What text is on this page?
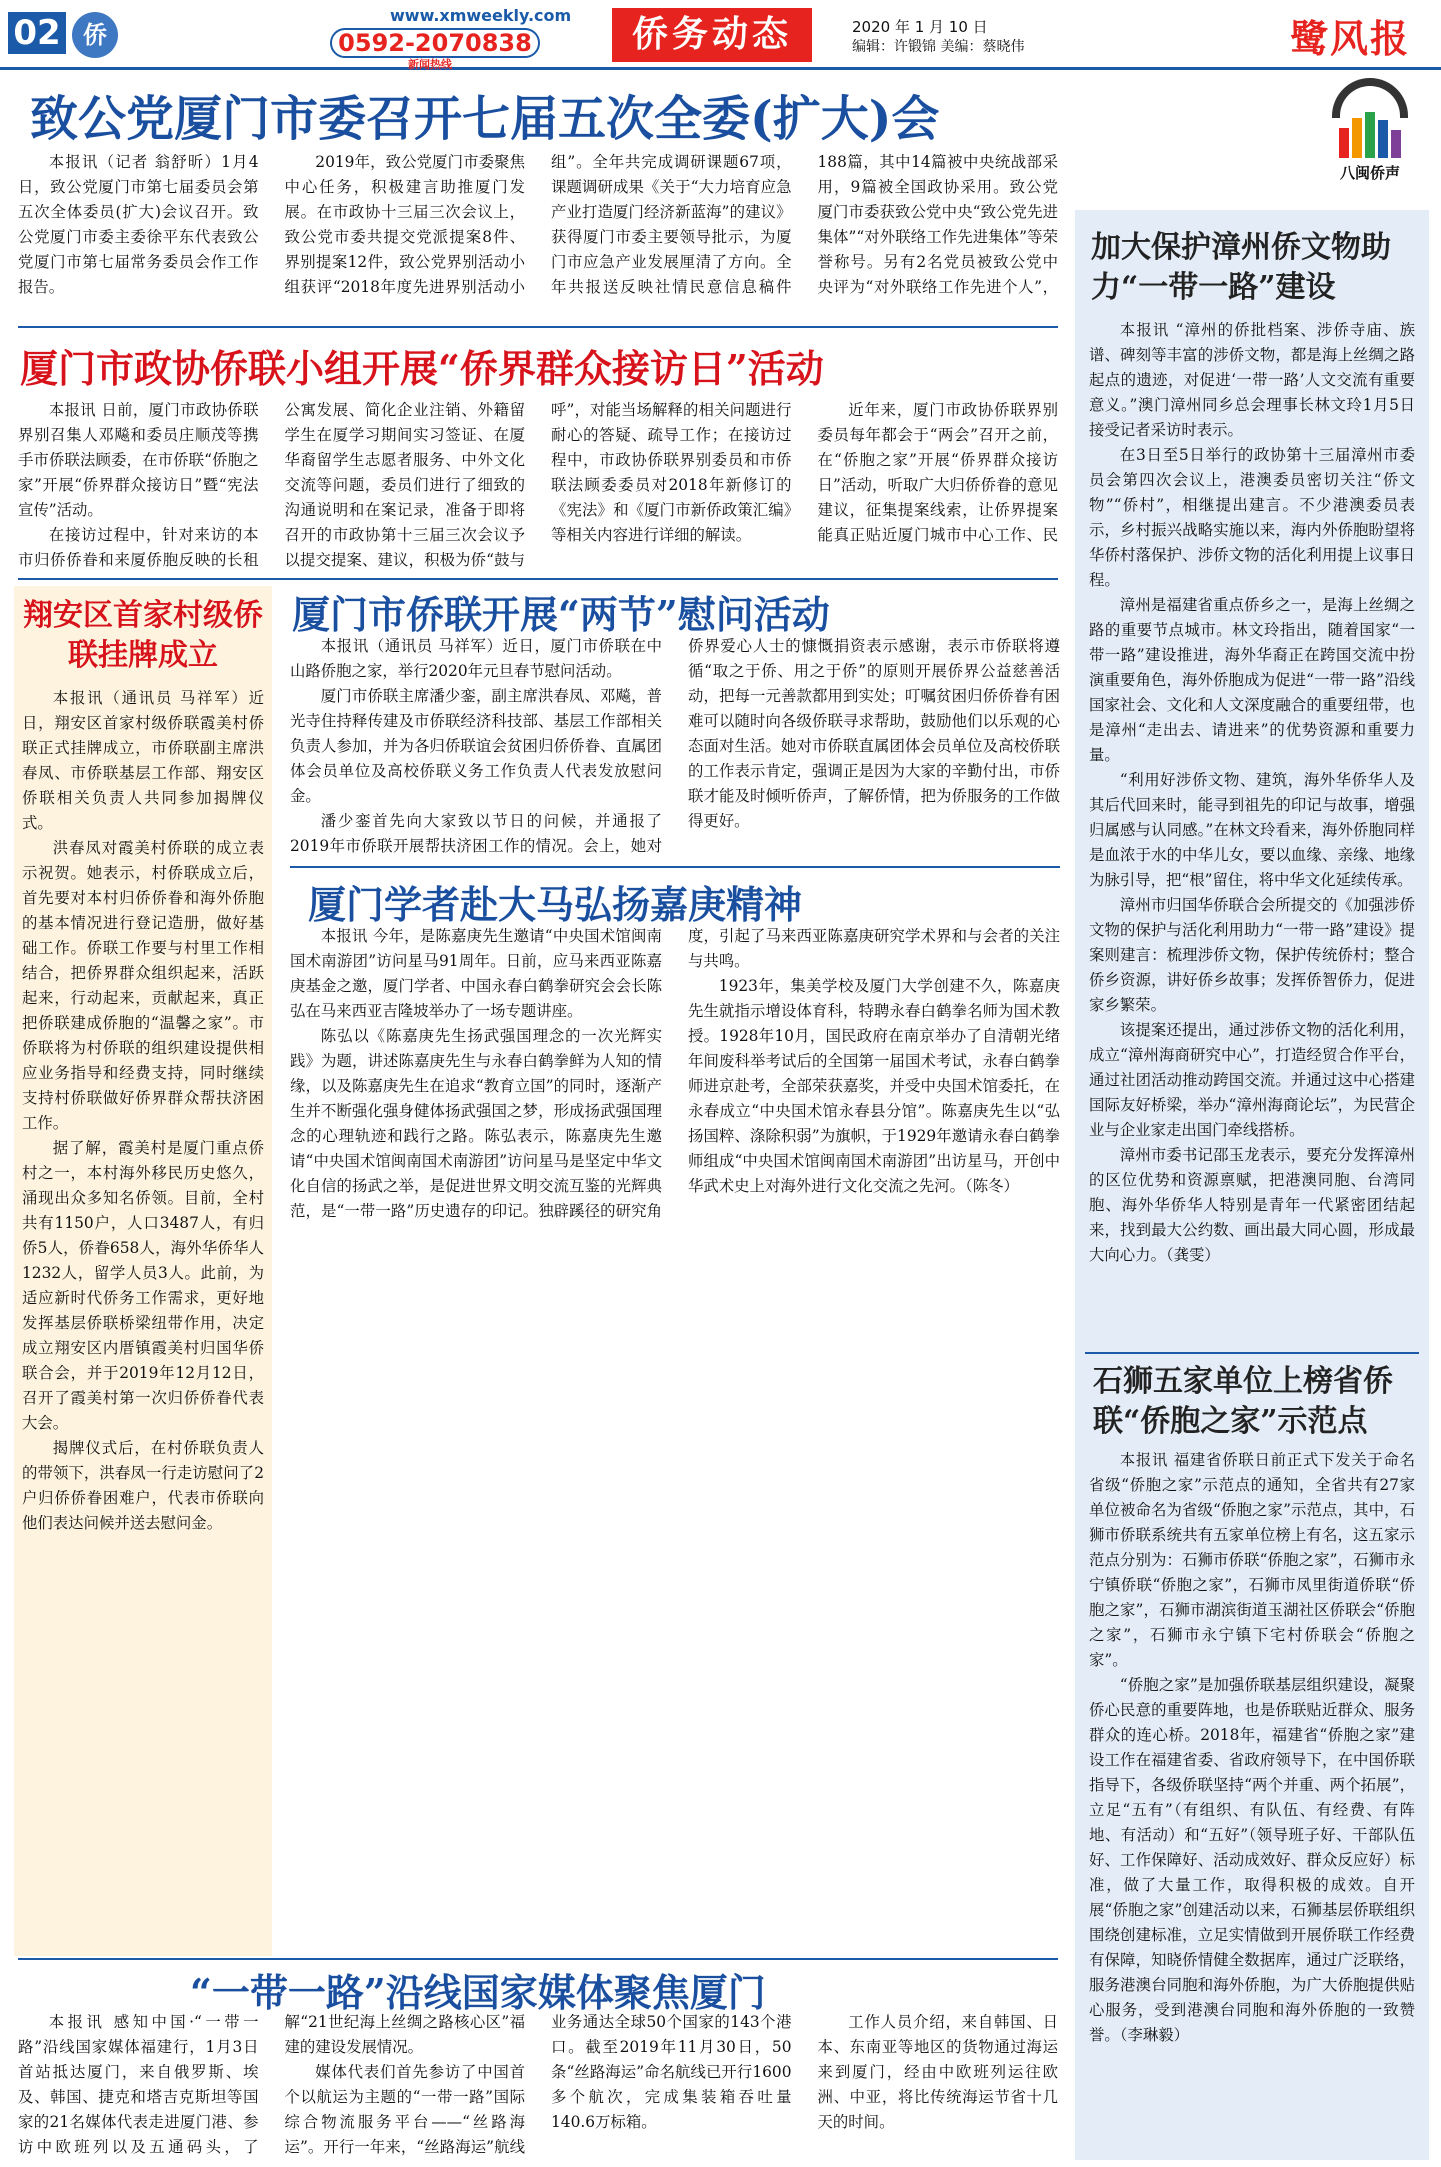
02 侨
www.xmweekly.com
0592-2070838
新闻热线
侨务动态	2020 年 1 月 10 日
编辑：许锻锦 美编：蔡晓伟	鹭风报
八闽侨声
致公党厦门市委召开七届五次全委(扩大)会

本报讯（记者 翁舒昕）1月4日，致公党厦门市第七届委员会第五次全体委员(扩大)会议召开。致公党厦门市委主委徐平东代表致公党厦门市第七届常务委员会作工作报告。

2019年，致公党厦门市委聚焦中心任务，积极建言助推厦门发展。在市政协十三届三次会议上，致公党市委共提交党派提案8件、界别提案12件，致公党界别活动小组获评“2018年度先进界别活动小组”。全年共完成调研课题67项，课题调研成果《关于“大力培育应急产业打造厦门经济新蓝海”的建议》获得厦门市委主要领导批示，为厦门市应急产业发展厘清了方向。全年共报送反映社情民意信息稿件188篇，其中14篇被中央统战部采用，9篇被全国政协采用。致公党厦门市委获致公党中央“致公党先进集体”“对外联络工作先进集体”等荣誉称号。另有2名党员被致公党中央评为“对外联络工作先进个人”，

厦门市政协侨联小组开展“侨界群众接访日”活动

本报讯 日前，厦门市政协侨联界别召集人邓飚和委员庄顺茂等携手市侨联法顾委，在市侨联“侨胞之家”开展“侨界群众接访日”暨“宪法宣传”活动。

在接访过程中，针对来访的本市归侨侨眷和来厦侨胞反映的长租公寓发展、简化企业注销、外籍留学生在厦学习期间实习签证、在厦华裔留学生志愿者服务、中外文化交流等问题，委员们进行了细致的沟通说明和在案记录，准备于即将召开的市政协第十三届三次会议予以提交提案、建议，积极为侨“鼓与呼”，对能当场解释的相关问题进行耐心的答疑、疏导工作；在接访过程中，市政协侨联界别委员和市侨联法顾委委员对2018年新修订的《宪法》和《厦门市新侨政策汇编》等相关内容进行详细的解读。

近年来，厦门市政协侨联界别委员每年都会于“两会”召开之前，在“侨胞之家”开展“侨界群众接访日”活动，听取广大归侨侨眷的意见建议，征集提案线索，让侨界提案能真正贴近厦门城市中心工作、民

翔安区首家村级侨联挂牌成立

本报讯（通讯员 马祥军）近日，翔安区首家村级侨联霞美村侨联正式挂牌成立，市侨联副主席洪春凤、市侨联基层工作部、翔安区侨联相关负责人共同参加揭牌仪式。

洪春凤对霞美村侨联的成立表示祝贺。她表示，村侨联成立后，首先要对本村归侨侨眷和海外侨胞的基本情况进行登记造册，做好基础工作。侨联工作要与村里工作相结合，把侨界群众组织起来，活跃起来，行动起来，贡献起来，真正把侨联建成侨胞的“温馨之家”。市侨联将为村侨联的组织建设提供相应业务指导和经费支持，同时继续支持村侨联做好侨界群众帮扶济困工作。

据了解，霞美村是厦门重点侨村之一，本村海外移民历史悠久，涌现出众多知名侨领。目前，全村共有1150户，人口3487人，有归侨5人，侨眷658人，海外华侨华人1232人，留学人员3人。此前，为适应新时代侨务工作需求，更好地发挥基层侨联桥梁纽带作用，决定成立翔安区内厝镇霞美村归国华侨联合会，并于2019年12月12日，召开了霞美村第一次归侨侨眷代表大会。

揭牌仪式后，在村侨联负责人的带领下，洪春凤一行走访慰问了2户归侨侨眷困难户，代表市侨联向他们表达问候并送去慰问金。

厦门市侨联开展“两节”慰问活动

本报讯（通讯员 马祥军）近日，厦门市侨联在中山路侨胞之家，举行2020年元旦春节慰问活动。

厦门市侨联主席潘少銮，副主席洪春凤、邓飚，普光寺住持释传建及市侨联经济科技部、基层工作部相关负责人参加，并为各归侨联谊会贫困归侨侨眷、直属团体会员单位及高校侨联义务工作负责人代表发放慰问金。

潘少銮首先向大家致以节日的问候，并通报了2019年市侨联开展帮扶济困工作的情况。会上，她对侨界爱心人士的慷慨捐资表示感谢，表示市侨联将遵循“取之于侨、用之于侨”的原则开展侨界公益慈善活动，把每一元善款都用到实处；叮嘱贫困归侨侨眷有困难可以随时向各级侨联寻求帮助，鼓励他们以乐观的心态面对生活。她对市侨联直属团体会员单位及高校侨联的工作表示肯定，强调正是因为大家的辛勤付出，市侨联才能及时倾听侨声，了解侨情，把为侨服务的工作做得更好。

厦门学者赴大马弘扬嘉庚精神

本报讯 今年，是陈嘉庚先生邀请“中央国术馆闽南国术南游团”访问星马91周年。日前，应马来西亚陈嘉庚基金之邀，厦门学者、中国永春白鹤拳研究会会长陈弘在马来西亚吉隆坡举办了一场专题讲座。

陈弘以《陈嘉庚先生扬武强国理念的一次光辉实践》为题，讲述陈嘉庚先生与永春白鹤拳鲜为人知的情缘，以及陈嘉庚先生在追求“教育立国”的同时，逐渐产生并不断强化强身健体扬武强国之梦，形成扬武强国理念的心理轨迹和践行之路。陈弘表示，陈嘉庚先生邀请“中央国术馆闽南国术南游团”访问星马是坚定中华文化自信的扬武之举，是促进世界文明交流互鉴的光辉典范，是“一带一路”历史遗存的印记。独辟蹊径的研究角度，引起了马来西亚陈嘉庚研究学术界和与会者的关注与共鸣。

1923年，集美学校及厦门大学创建不久，陈嘉庚先生就指示增设体育科，特聘永春白鹤拳名师为国术教授。1928年10月，国民政府在南京举办了自清朝光绪年间废科举考试后的全国第一届国术考试，永春白鹤拳师进京赴考，全部荣获嘉奖，并受中央国术馆委托，在永春成立“中央国术馆永春县分馆”。陈嘉庚先生以“弘扬国粹、涤除积弱”为旗帜，于1929年邀请永春白鹤拳师组成“中央国术馆闽南国术南游团”出访星马，开创中华武术史上对海外进行文化交流之先河。（陈冬）

“一带一路”沿线国家媒体聚焦厦门

本报讯 感知中国·“一带一路”沿线国家媒体福建行，1月3日首站抵达厦门，来自俄罗斯、埃及、韩国、捷克和塔吉克斯坦等国家的21名媒体代表走进厦门港、参访中欧班列以及五通码头，了解“21世纪海上丝绸之路核心区”福建的建设发展情况。

媒体代表们首先参访了中国首个以航运为主题的“一带一路”国际综合物流服务平台——“丝路海运”。开行一年来，“丝路海运”航线业务通达全球50个国家的143个港口。截至2019年11月30日，50条“丝路海运”命名航线已开行1600多个航次，完成集装箱吞吐量140.6万标箱。

工作人员介绍，来自韩国、日本、东南亚等地区的货物通过海运来到厦门，经由中欧班列运往欧洲、中亚，将比传统海运节省十几天的时间。

加大保护漳州侨文物助力“一带一路”建设

本报讯 “漳州的侨批档案、涉侨寺庙、族谱、碑刻等丰富的涉侨文物，都是海上丝绸之路起点的遗迹，对促进‘一带一路’人文交流有重要意义。”澳门漳州同乡总会理事长林文玲1月5日接受记者采访时表示。

在3日至5日举行的政协第十三届漳州市委员会第四次会议上，港澳委员密切关注“侨文物”“侨村”，相继提出建言。不少港澳委员表示，乡村振兴战略实施以来，海内外侨胞盼望将华侨村落保护、涉侨文物的活化利用提上议事日程。

漳州是福建省重点侨乡之一，是海上丝绸之路的重要节点城市。林文玲指出，随着国家“一带一路”建设推进，海外华裔正在跨国交流中扮演重要角色，海外侨胞成为促进“一带一路”沿线国家社会、文化和人文深度融合的重要纽带，也是漳州“走出去、请进来”的优势资源和重要力量。

“利用好涉侨文物、建筑，海外华侨华人及其后代回来时，能寻到祖先的印记与故事，增强归属感与认同感。”在林文玲看来，海外侨胞同样是血浓于水的中华儿女，要以血缘、亲缘、地缘为脉引导，把“根”留住，将中华文化延续传承。

漳州市归国华侨联合会所提交的《加强涉侨文物的保护与活化利用助力“一带一路”建设》提案则建言：梳理涉侨文物，保护传统侨村；整合侨乡资源，讲好侨乡故事；发挥侨智侨力，促进家乡繁荣。

该提案还提出，通过涉侨文物的活化利用，成立“漳州海商研究中心”，打造经贸合作平台，通过社团活动推动跨国交流。并通过这中心搭建国际友好桥梁，举办“漳州海商论坛”，为民营企业与企业家走出国门牵线搭桥。

漳州市委书记邵玉龙表示，要充分发挥漳州的区位优势和资源禀赋，把港澳同胞、台湾同胞、海外华侨华人特别是青年一代紧密团结起来，找到最大公约数、画出最大同心圆，形成最大向心力。（龚雯）

石狮五家单位上榜省侨联“侨胞之家”示范点

本报讯 福建省侨联日前正式下发关于命名省级“侨胞之家”示范点的通知，全省共有27家单位被命名为省级“侨胞之家”示范点，其中，石狮市侨联系统共有五家单位榜上有名，这五家示范点分别为：石狮市侨联“侨胞之家”，石狮市永宁镇侨联“侨胞之家”，石狮市凤里街道侨联“侨胞之家”，石狮市湖滨街道玉湖社区侨联会“侨胞之家”，石狮市永宁镇下宅村侨联会“侨胞之家”。

“侨胞之家”是加强侨联基层组织建设，凝聚侨心民意的重要阵地，也是侨联贴近群众、服务群众的连心桥。2018年，福建省“侨胞之家”建设工作在福建省委、省政府领导下，在中国侨联指导下，各级侨联坚持“两个并重、两个拓展”，立足“五有”（有组织、有队伍、有经费、有阵地、有活动）和“五好”（领导班子好、干部队伍好、工作保障好、活动成效好、群众反应好）标准，做了大量工作，取得积极的成效。自开展“侨胞之家”创建活动以来，石狮基层侨联组织围绕创建标准，立足实情做到开展侨联工作经费有保障，知晓侨情健全数据库，通过广泛联络，服务港澳台同胞和海外侨胞，为广大侨胞提供贴心服务，受到港澳台同胞和海外侨胞的一致赞誉。（李琳毅）
